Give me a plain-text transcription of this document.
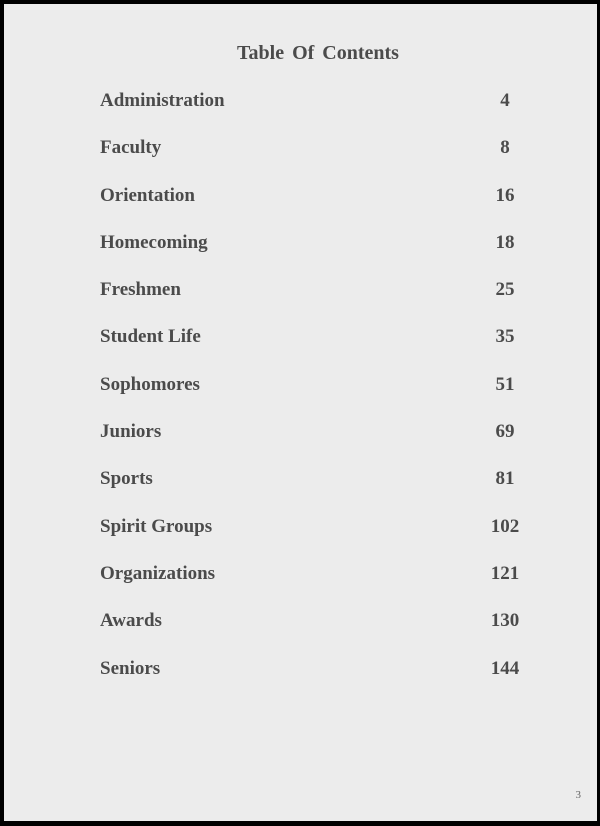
Table Of Contents
Administration	4
Faculty	8
Orientation	16
Homecoming	18
Freshmen	25
Student Life	35
Sophomores	51
Juniors	69
Sports	81
Spirit Groups	102
Organizations	121
Awards	130
Seniors	144
3
